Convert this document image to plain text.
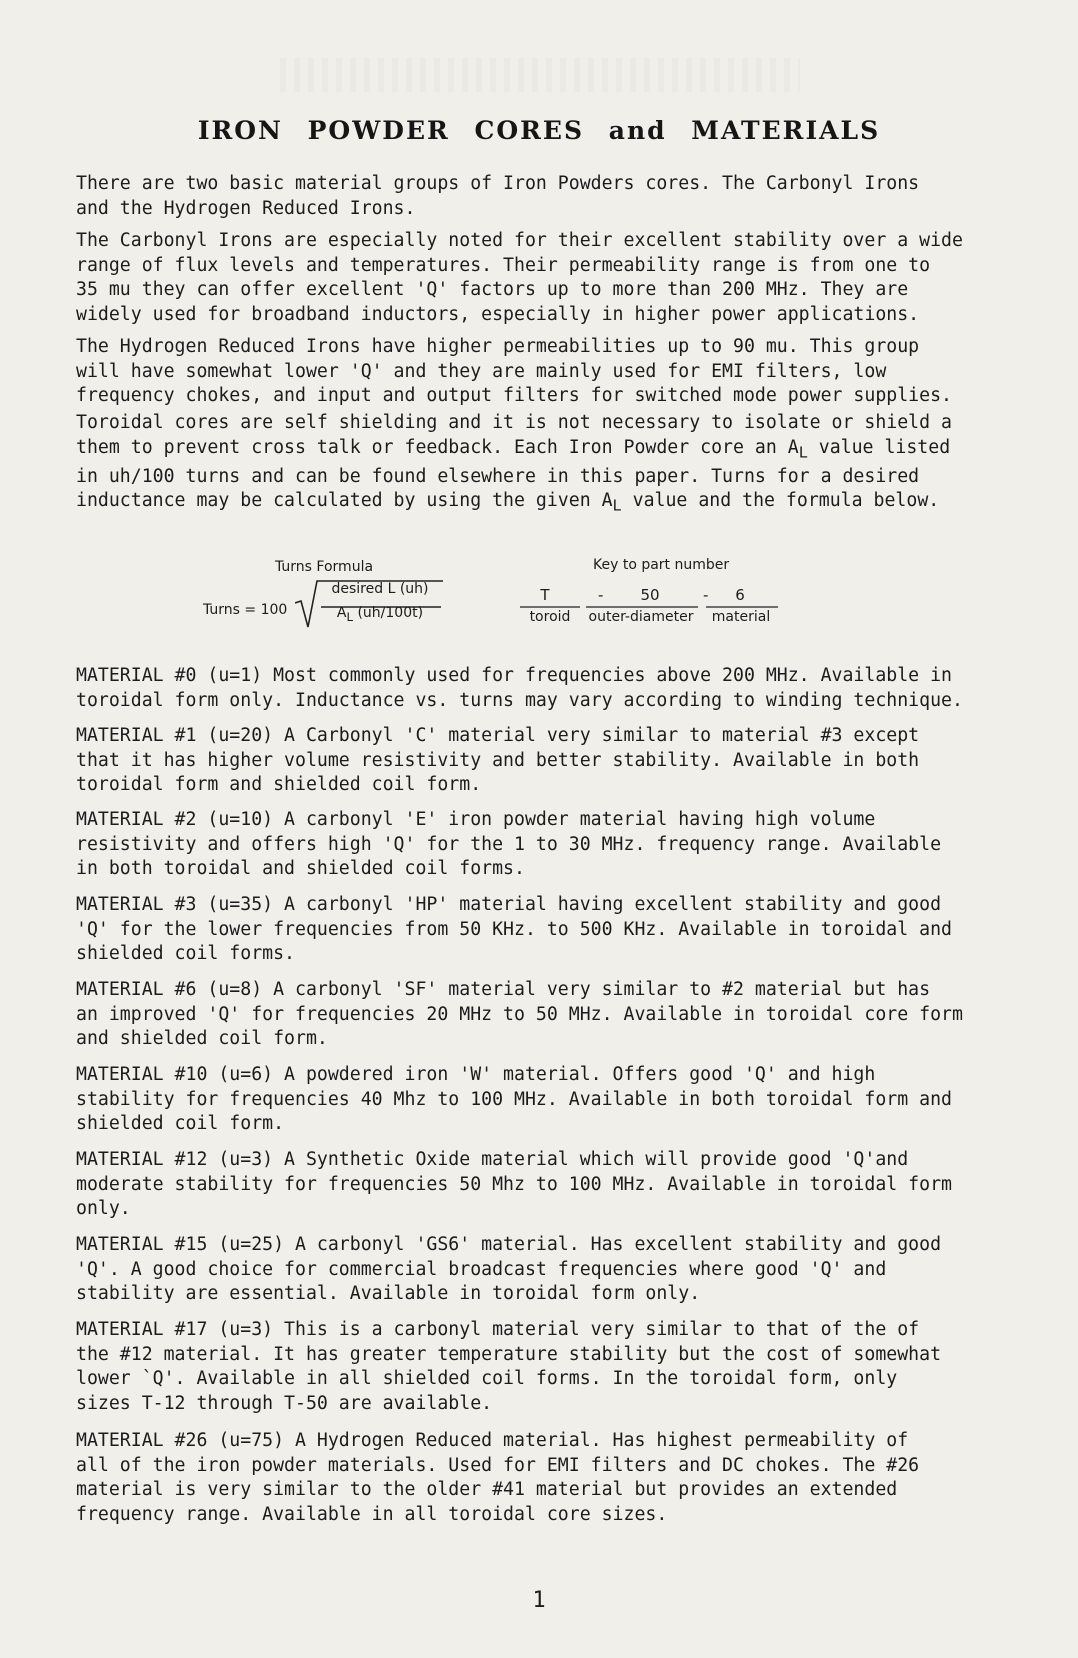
IRON POWDER CORES and MATERIALS

There are two basic material groups of Iron Powders cores. The Carbonyl Irons
and the Hydrogen Reduced Irons.

The Carbonyl Irons are especially noted for their excellent stability over a wide
range of flux levels and temperatures. Their permeability range is from one to
35 mu they can offer excellent 'Q' factors up to more than 200 MHz. They are
widely used for broadband inductors, especially in higher power applications.

The Hydrogen Reduced Irons have higher permeabilities up to 90 mu. This group
will have somewhat lower 'Q' and they are mainly used for EMI filters, low
frequency chokes, and input and output filters for switched mode power supplies.

Toroidal cores are self shielding and it is not necessary to isolate or shield a
them to prevent cross talk or feedback. Each Iron Powder core an $A_L$ value listed
in uh/100 turns and can be found elsewhere in this paper. Turns for a desired
inductance may be calculated by using the given $A_L$ value and the formula below.

Turns Formula
Turns = 100
desired L (uh)
$A_L$ (uh/100t)
Key to part number
T	-	50	-	6
toroid	outer-diameter	material

MATERIAL #0 (u=1) Most commonly used for frequencies above 200 MHz. Available in
toroidal form only. Inductance vs. turns may vary according to winding technique.

MATERIAL #1 (u=20) A Carbonyl 'C' material very similar to material #3 except
that it has higher volume resistivity and better stability. Available in both
toroidal form and shielded coil form.

MATERIAL #2 (u=10) A carbonyl 'E' iron powder material having high volume
resistivity and offers high 'Q' for the 1 to 30 MHz. frequency range. Available
in both toroidal and shielded coil forms.

MATERIAL #3 (u=35) A carbonyl 'HP' material having excellent stability and good
'Q' for the lower frequencies from 50 KHz. to 500 KHz. Available in toroidal and
shielded coil forms.

MATERIAL #6 (u=8) A carbonyl 'SF' material very similar to #2 material but has
an improved 'Q' for frequencies 20 MHz to 50 MHz. Available in toroidal core form
and shielded coil form.

MATERIAL #10 (u=6) A powdered iron 'W' material. Offers good 'Q' and high
stability for frequencies 40 Mhz to 100 MHz. Available in both toroidal form and
shielded coil form.

MATERIAL #12 (u=3) A Synthetic Oxide material which will provide good 'Q'and
moderate stability for frequencies 50 Mhz to 100 MHz. Available in toroidal form
only.

MATERIAL #15 (u=25) A carbonyl 'GS6' material. Has excellent stability and good
'Q'. A good choice for commercial broadcast frequencies where good 'Q' and
stability are essential. Available in toroidal form only.

MATERIAL #17 (u=3) This is a carbonyl material very similar to that of the of
the #12 material. It has greater temperature stability but the cost of somewhat
lower `Q'. Available in all shielded coil forms. In the toroidal form, only
sizes T-12 through T-50 are available.

MATERIAL #26 (u=75) A Hydrogen Reduced material. Has highest permeability of
all of the iron powder materials. Used for EMI filters and DC chokes. The #26
material is very similar to the older #41 material but provides an extended
frequency range. Available in all toroidal core sizes.

1
